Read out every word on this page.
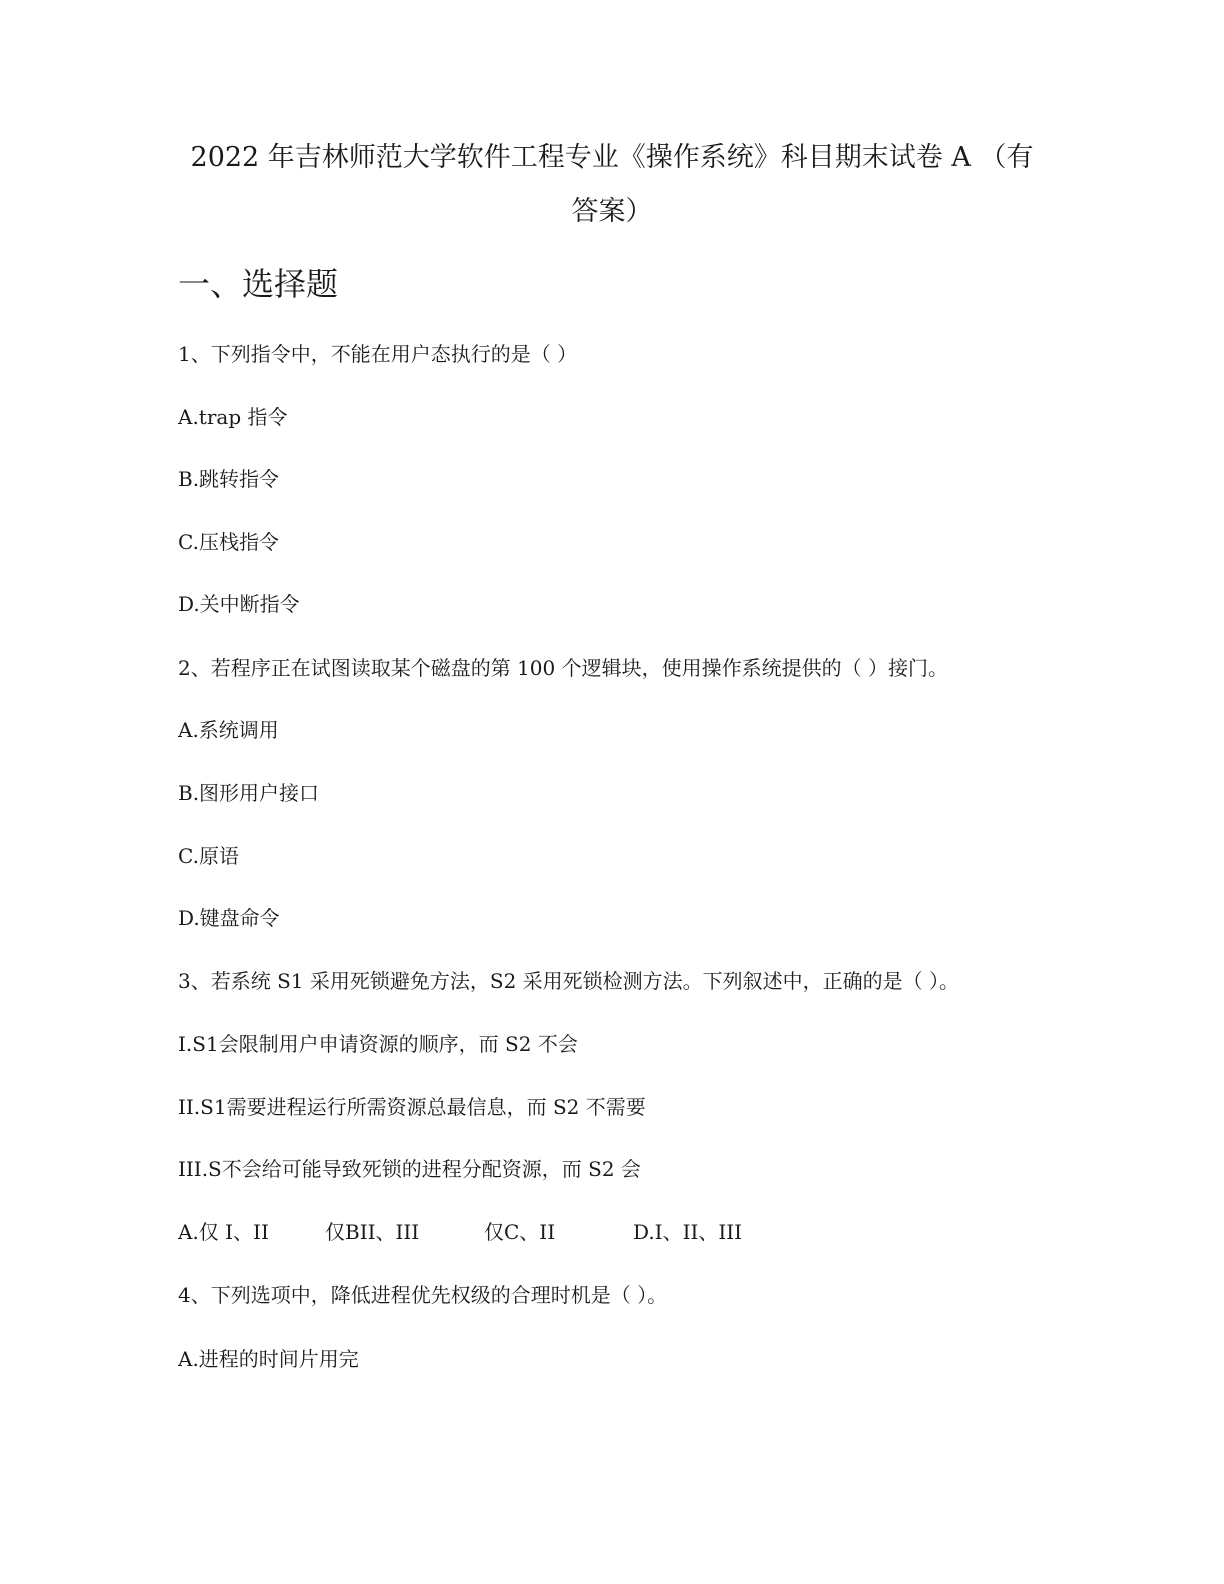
2022 年吉林师范大学软件工程专业《操作系统》科目期末试卷 A （有
答案）
一、选择题
1、下列指令中，不能在用户态执行的是（ ）
A.trap 指令
B.跳转指令
C.压栈指令
D.关中断指令
2、若程序正在试图读取某个磁盘的第 100 个逻辑块，使用操作系统提供的（ ）接门。
A.系统调用
B.图形用户接口
C.原语
D.键盘命令
3、若系统 S1 采用死锁避免方法，S2 采用死锁检测方法。下列叙述中，正确的是（ ）。
I.S1会限制用户申请资源的顺序，而 S2 不会
II.S1需要进程运行所需资源总最信息，而 S2 不需要
III.S不会给可能导致死锁的进程分配资源，而 S2 会
A.仅 I、II	仅BII、III	仅C、II	D.I、II、III
4、下列选项中，降低进程优先权级的合理时机是（ ）。
A.进程的时间片用完
